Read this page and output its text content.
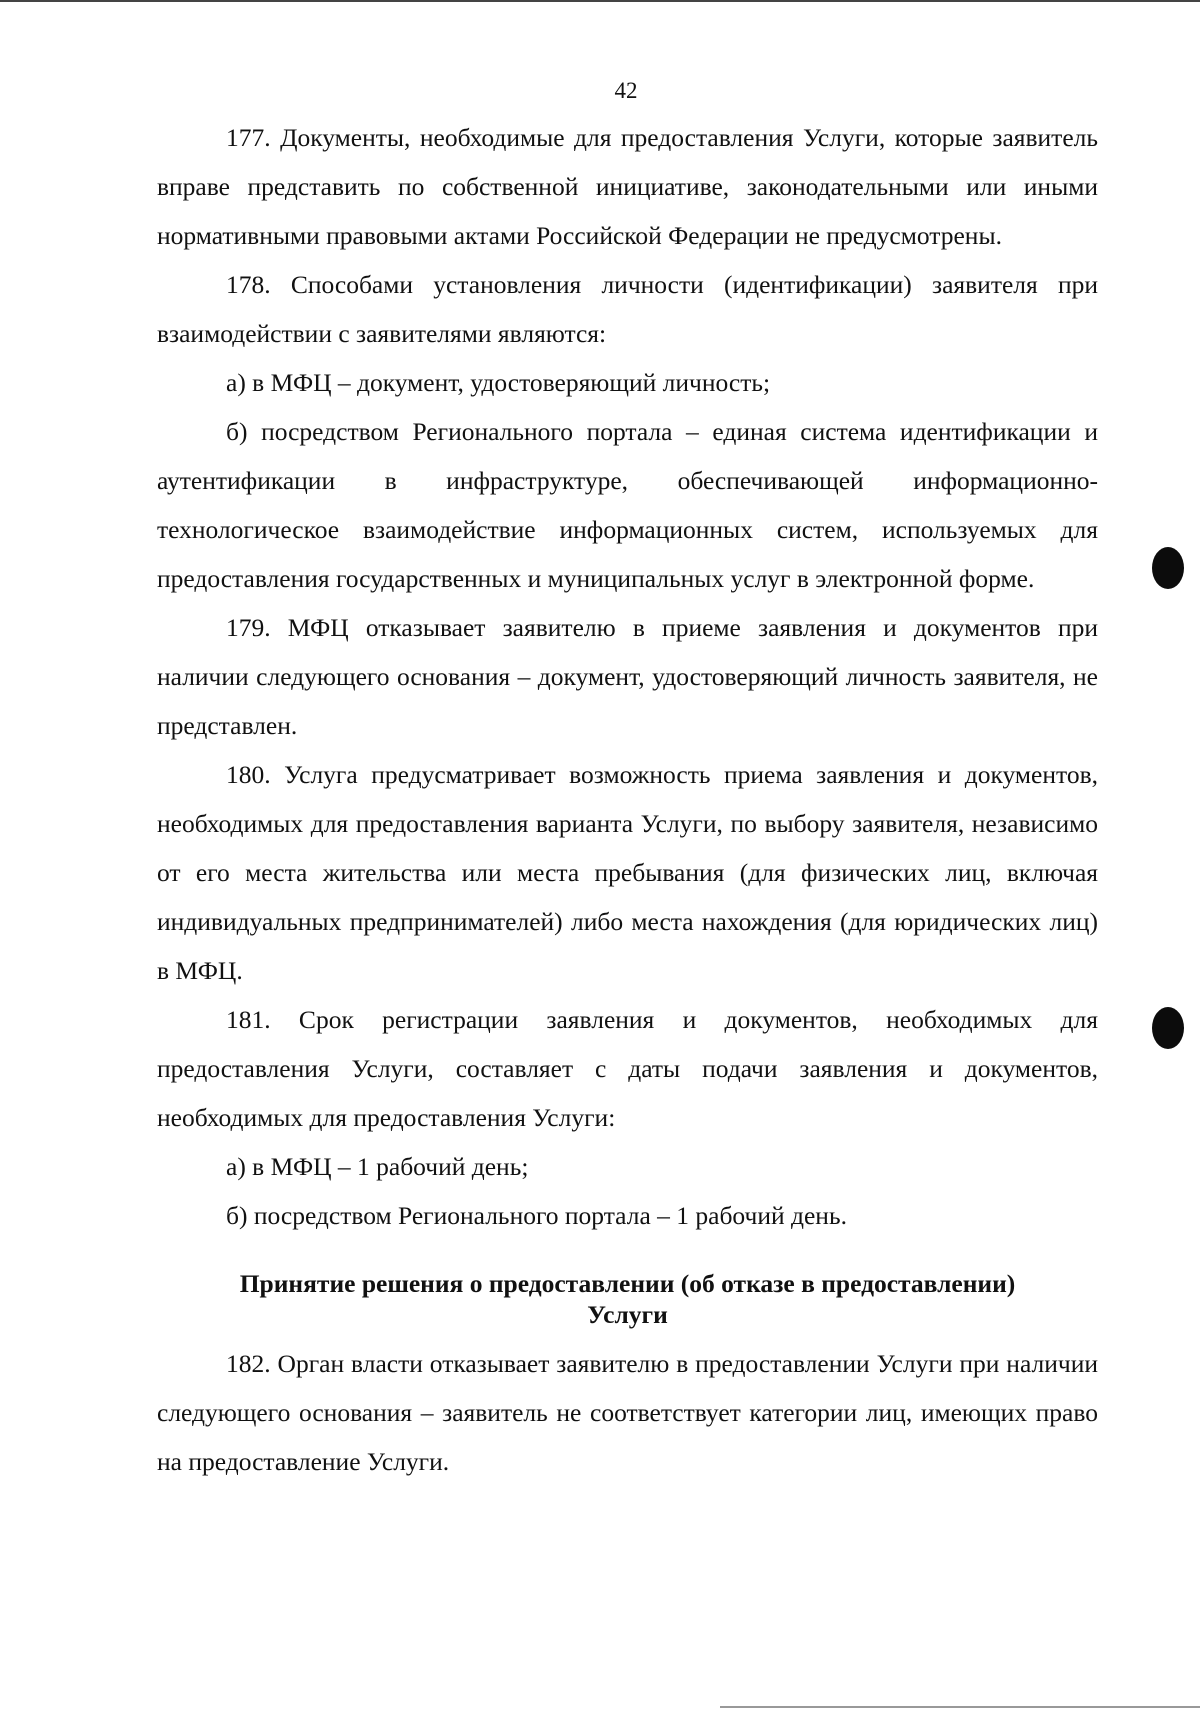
42

177. Документы, необходимые для предоставления Услуги, которые заявитель вправе представить по собственной инициативе, законодательными или иными нормативными правовыми актами Российской Федерации не предусмотрены.

178. Способами установления личности (идентификации) заявителя при взаимодействии с заявителями являются:

а) в МФЦ – документ, удостоверяющий личность;

б) посредством Регионального портала – единая система идентификации и аутентификации в инфраструктуре, обеспечивающей информационно-технологическое взаимодействие информационных систем, используемых для предоставления государственных и муниципальных услуг в электронной форме.

179. МФЦ отказывает заявителю в приеме заявления и документов при наличии следующего основания – документ, удостоверяющий личность заявителя, не представлен.

180. Услуга предусматривает возможность приема заявления и документов, необходимых для предоставления варианта Услуги, по выбору заявителя, независимо от его места жительства или места пребывания (для физических лиц, включая индивидуальных предпринимателей) либо места нахождения (для юридических лиц) в МФЦ.

181. Срок регистрации заявления и документов, необходимых для предоставления Услуги, составляет с даты подачи заявления и документов, необходимых для предоставления Услуги:

а) в МФЦ – 1 рабочий день;

б) посредством Регионального портала – 1 рабочий день.

Принятие решения о предоставлении (об отказе в предоставлении)
Услуги

182. Орган власти отказывает заявителю в предоставлении Услуги при наличии следующего основания – заявитель не соответствует категории лиц, имеющих право на предоставление Услуги.
